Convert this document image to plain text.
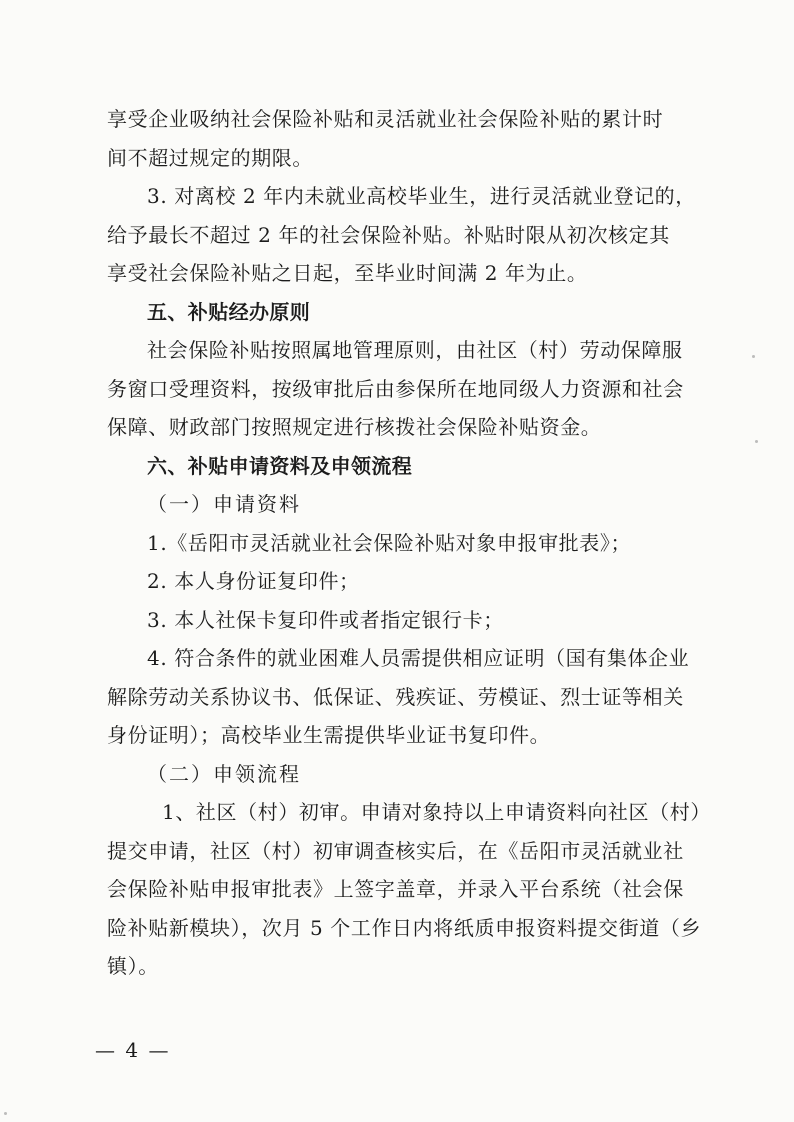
享受企业吸纳社会保险补贴和灵活就业社会保险补贴的累计时
间不超过规定的期限。
3. 对离校 2 年内未就业高校毕业生，进行灵活就业登记的，
给予最长不超过 2 年的社会保险补贴。补贴时限从初次核定其
享受社会保险补贴之日起，至毕业时间满 2 年为止。
五、补贴经办原则
社会保险补贴按照属地管理原则，由社区（村）劳动保障服
务窗口受理资料，按级审批后由参保所在地同级人力资源和社会
保障、财政部门按照规定进行核拨社会保险补贴资金。
六、补贴申请资料及申领流程
（一）申请资料
1.《岳阳市灵活就业社会保险补贴对象申报审批表》；
2. 本人身份证复印件；
3. 本人社保卡复印件或者指定银行卡；
4. 符合条件的就业困难人员需提供相应证明（国有集体企业
解除劳动关系协议书、低保证、残疾证、劳模证、烈士证等相关
身份证明）；高校毕业生需提供毕业证书复印件。
（二）申领流程
1、社区（村）初审。申请对象持以上申请资料向社区（村）
提交申请，社区（村）初审调查核实后，在《岳阳市灵活就业社
会保险补贴申报审批表》上签字盖章，并录入平台系统（社会保
险补贴新模块），次月 5 个工作日内将纸质申报资料提交街道（乡
镇）。
— 4 —
